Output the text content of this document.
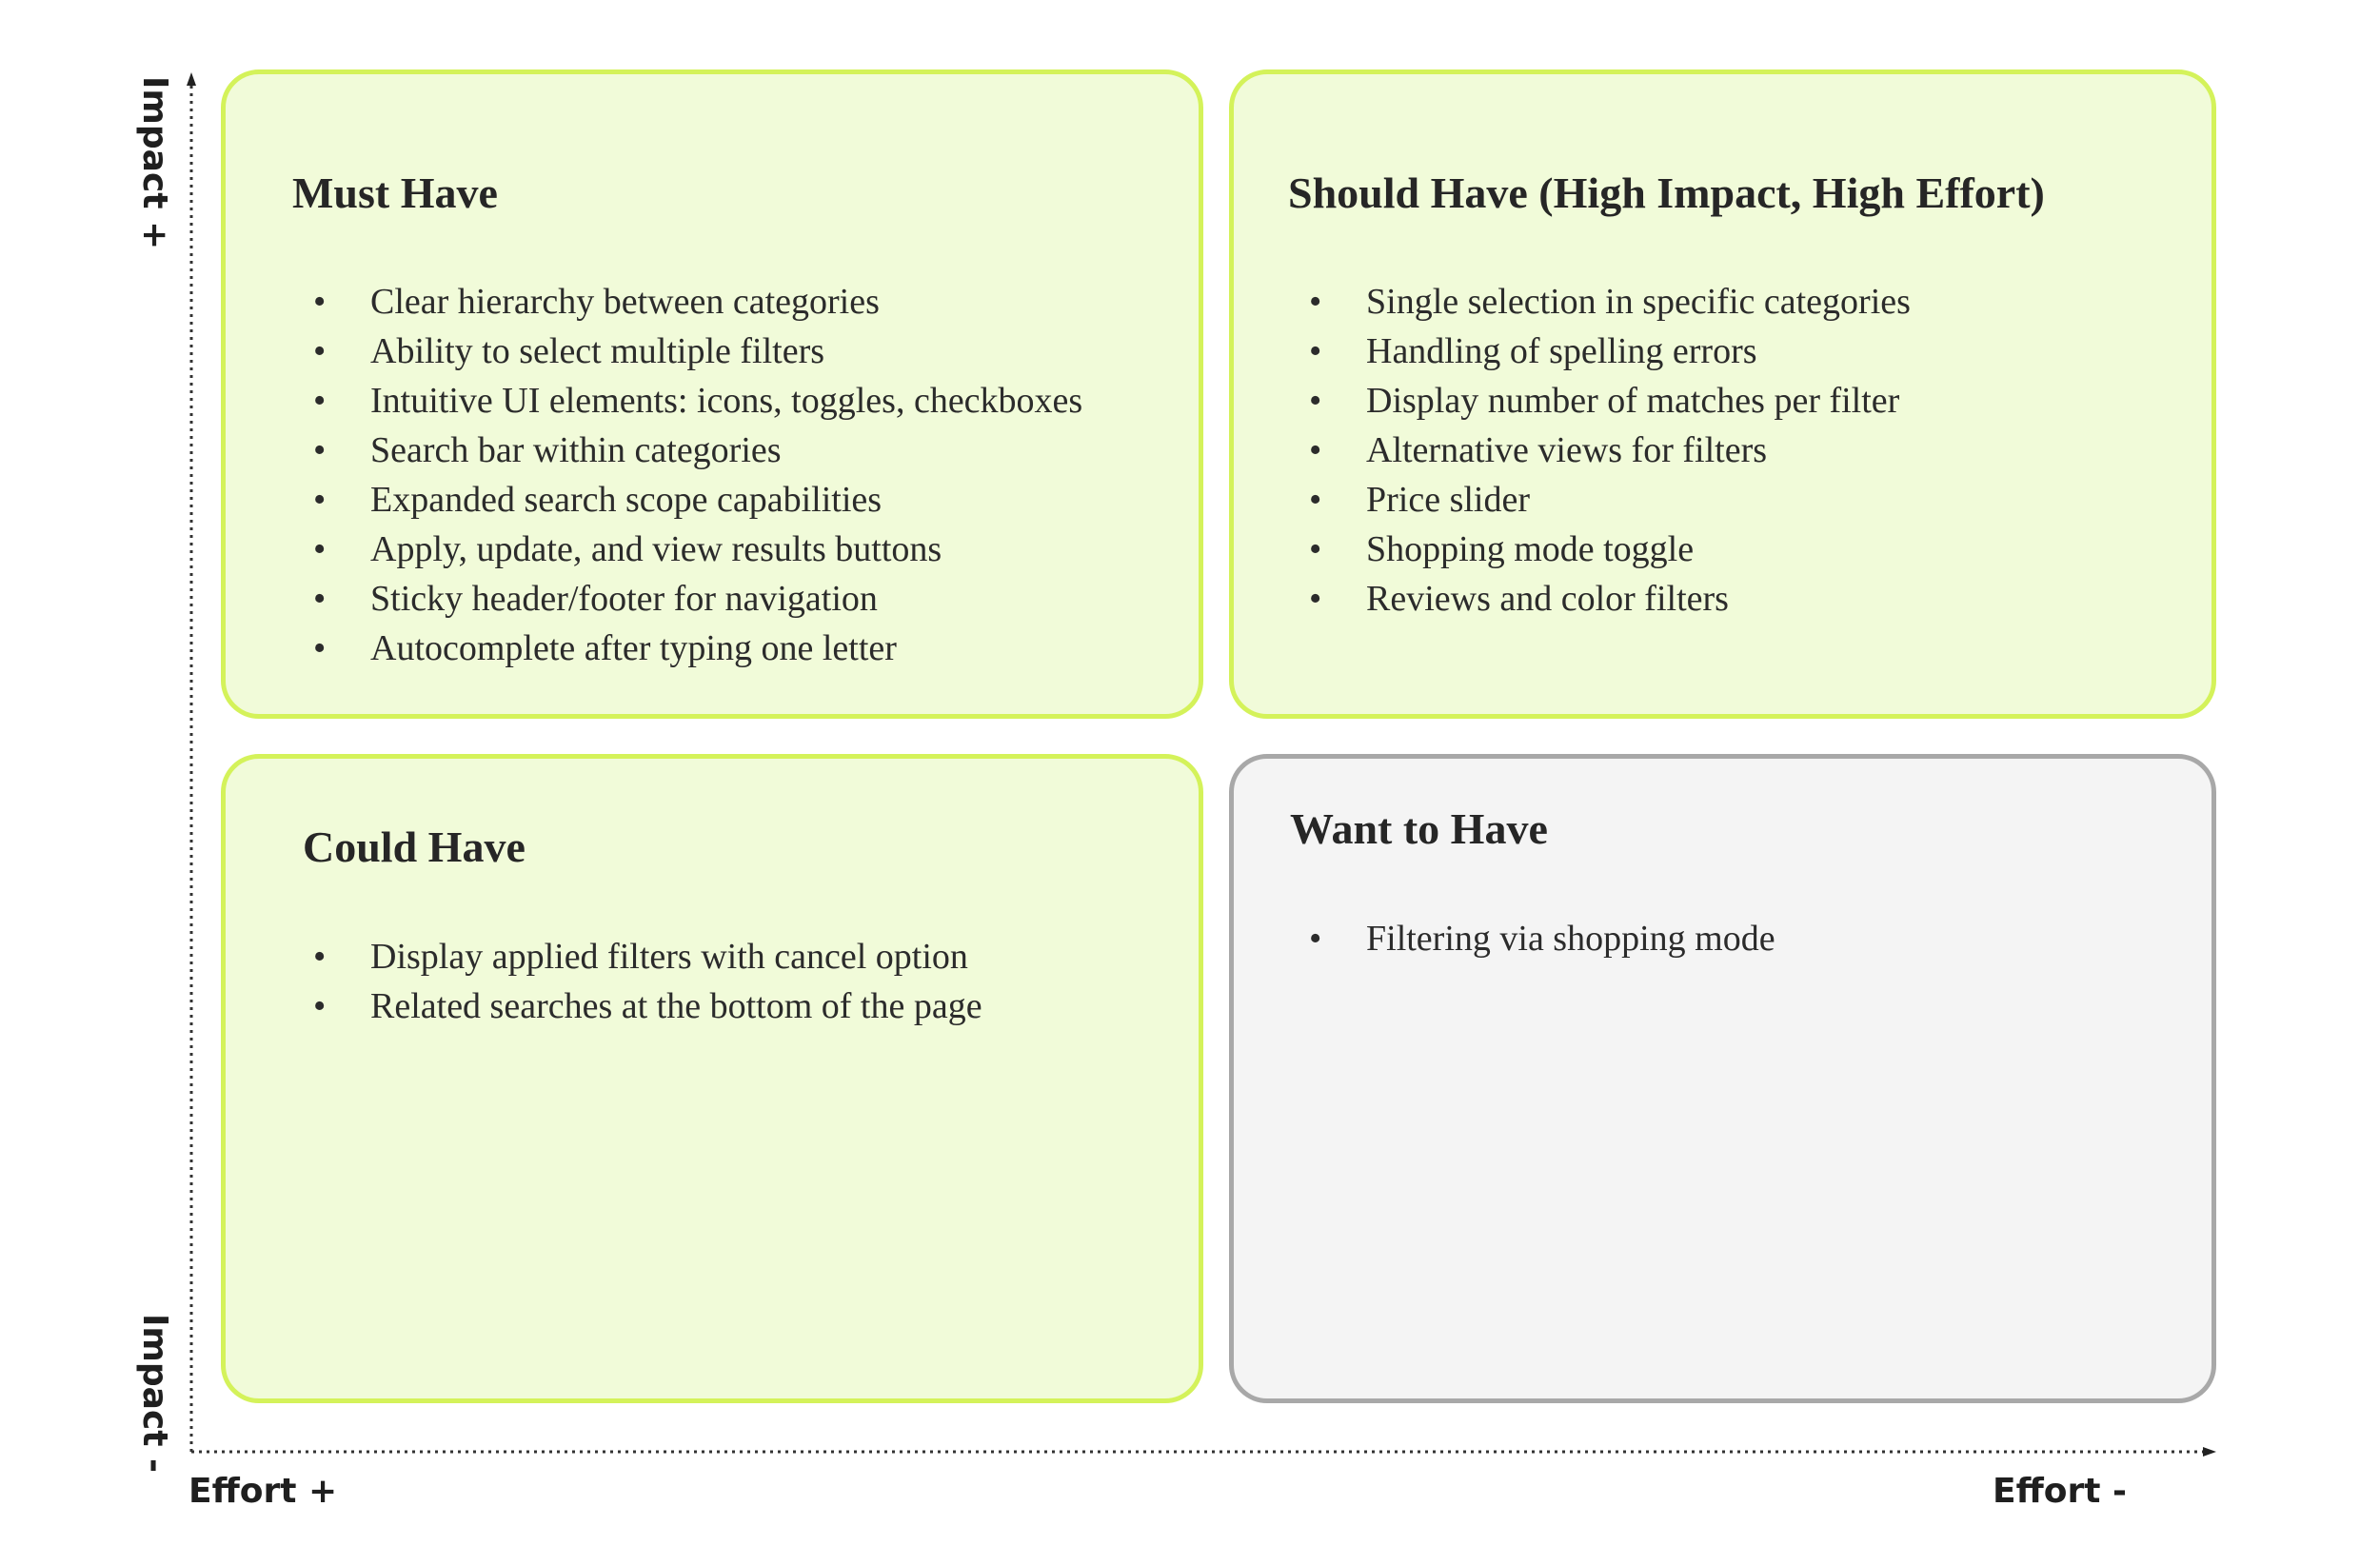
Impact +
Impact -
Effort +	Effort -
Must Have
•	Clear hierarchy between categories
•	Ability to select multiple filters
•	Intuitive UI elements: icons, toggles, checkboxes
•	Search bar within categories
•	Expanded search scope capabilities
•	Apply, update, and view results buttons
•	Sticky header/footer for navigation
•	Autocomplete after typing one letter
Should Have (High Impact, High Effort)
•	Single selection in specific categories
•	Handling of spelling errors
•	Display number of matches per filter
•	Alternative views for filters
•	Price slider
•	Shopping mode toggle
•	Reviews and color filters
Could Have
•	Display applied filters with cancel option
•	Related searches at the bottom of the page
Want to Have
•	Filtering via shopping mode
